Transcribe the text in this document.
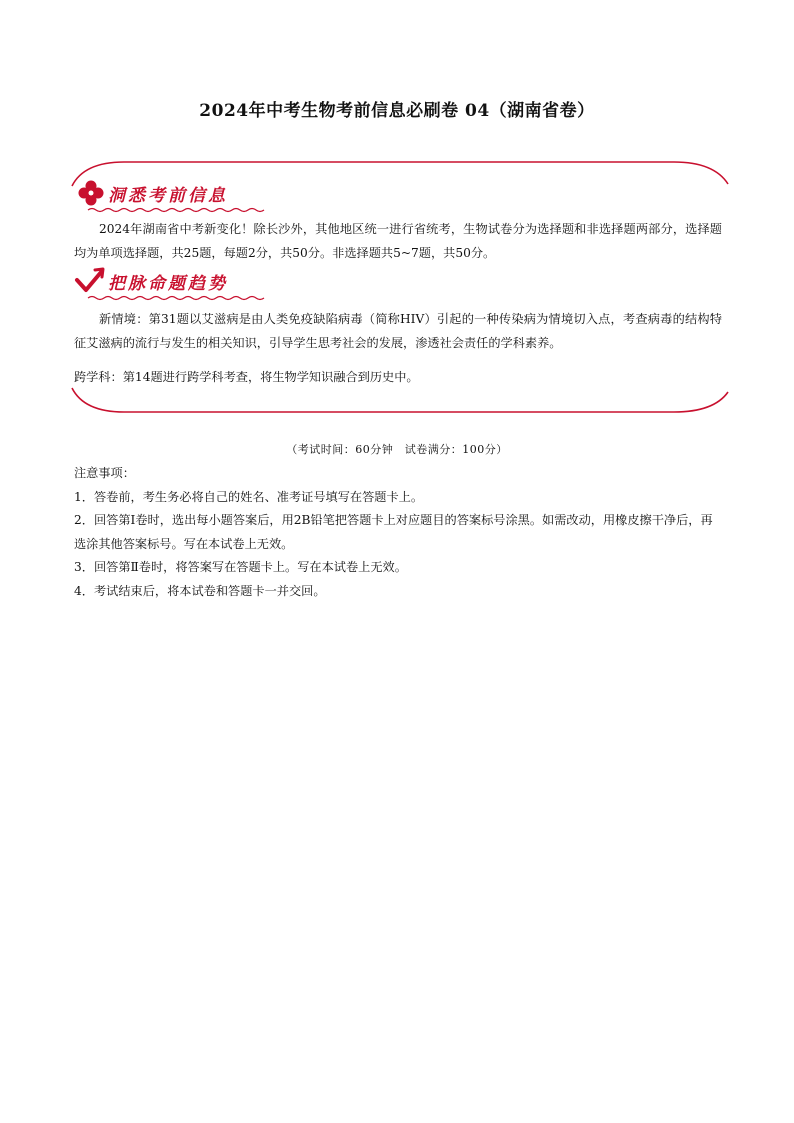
2024年中考生物考前信息必刷卷 04（湖南省卷）
洞悉考前信息
2024年湖南省中考新变化！除长沙外，其他地区统一进行省统考，生物试卷分为选择题和非选择题两部分，选择题均为单项选择题，共25题，每题2分，共50分。非选择题共5~7题，共50分。
把脉命题趋势
新情境：第31题以艾滋病是由人类免疫缺陷病毒（简称HIV）引起的一种传染病为情境切入点，考查病毒的结构特征艾滋病的流行与发生的相关知识，引导学生思考社会的发展，渗透社会责任的学科素养。
跨学科：第14题进行跨学科考查，将生物学知识融合到历史中。
（考试时间：60分钟　试卷满分：100分）
注意事项：
1．答卷前，考生务必将自己的姓名、准考证号填写在答题卡上。
2．回答第Ⅰ卷时，选出每小题答案后，用2B铅笔把答题卡上对应题目的答案标号涂黑。如需改动，用橡皮擦干净后，再选涂其他答案标号。写在本试卷上无效。
3．回答第Ⅱ卷时，将答案写在答题卡上。写在本试卷上无效。
4．考试结束后，将本试卷和答题卡一并交回。
